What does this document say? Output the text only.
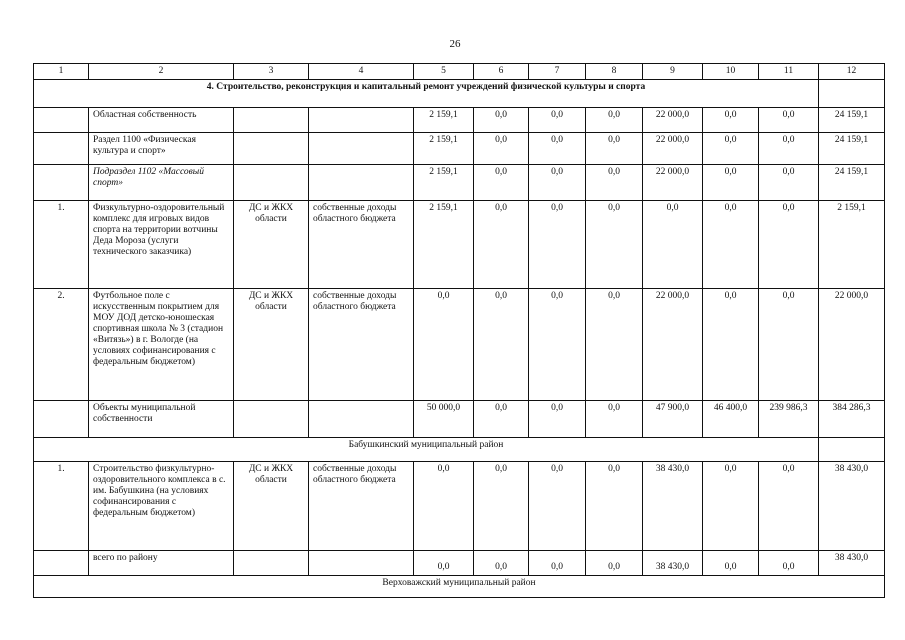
26
1	2	3	4	5	6	7	8	9	10	11	12
4. Строительство, реконструкция и капитальный ремонт учреждений физической культуры и спорта											
	Областная собственность			2 159,1	0,0	0,0	0,0	22 000,0	0,0	0,0	24 159,1
	Раздел 1100 «Физическая культура и спорт»			2 159,1	0,0	0,0	0,0	22 000,0	0,0	0,0	24 159,1
	Подраздел 1102 «Массовый спорт»			2 159,1	0,0	0,0	0,0	22 000,0	0,0	0,0	24 159,1
1.	Физкультурно-оздоровительный комплекс для игровых видов спорта на территории вотчины Деда Мороза (услуги технического заказчика)	ДС и ЖКХ области	собственные доходы областного бюджета	2 159,1	0,0	0,0	0,0	0,0	0,0	0,0	2 159,1
2.	Футбольное поле с искусственным покрытием для МОУ ДОД детско-юношеская спортивная школа № 3 (стадион «Витязь») в г. Вологде (на условиях софинансирования с федеральным бюджетом)	ДС и ЖКХ области	собственные доходы областного бюджета	0,0	0,0	0,0	0,0	22 000,0	0,0	0,0	22 000,0
	Объекты муниципальной собственности			50 000,0	0,0	0,0	0,0	47 900,0	46 400,0	239 986,3	384 286,3
Бабушкинский муниципальный район											
1.	Строительство физкультурно-оздоровительного комплекса в с. им. Бабушкина (на условиях софинансирования с федеральным бюджетом)	ДС и ЖКХ области	собственные доходы областного бюджета	0,0	0,0	0,0	0,0	38 430,0	0,0	0,0	38 430,0
	всего по району			0,0	0,0	0,0	0,0	38 430,0	0,0	0,0	38 430,0
Верховажский муниципальный район											
